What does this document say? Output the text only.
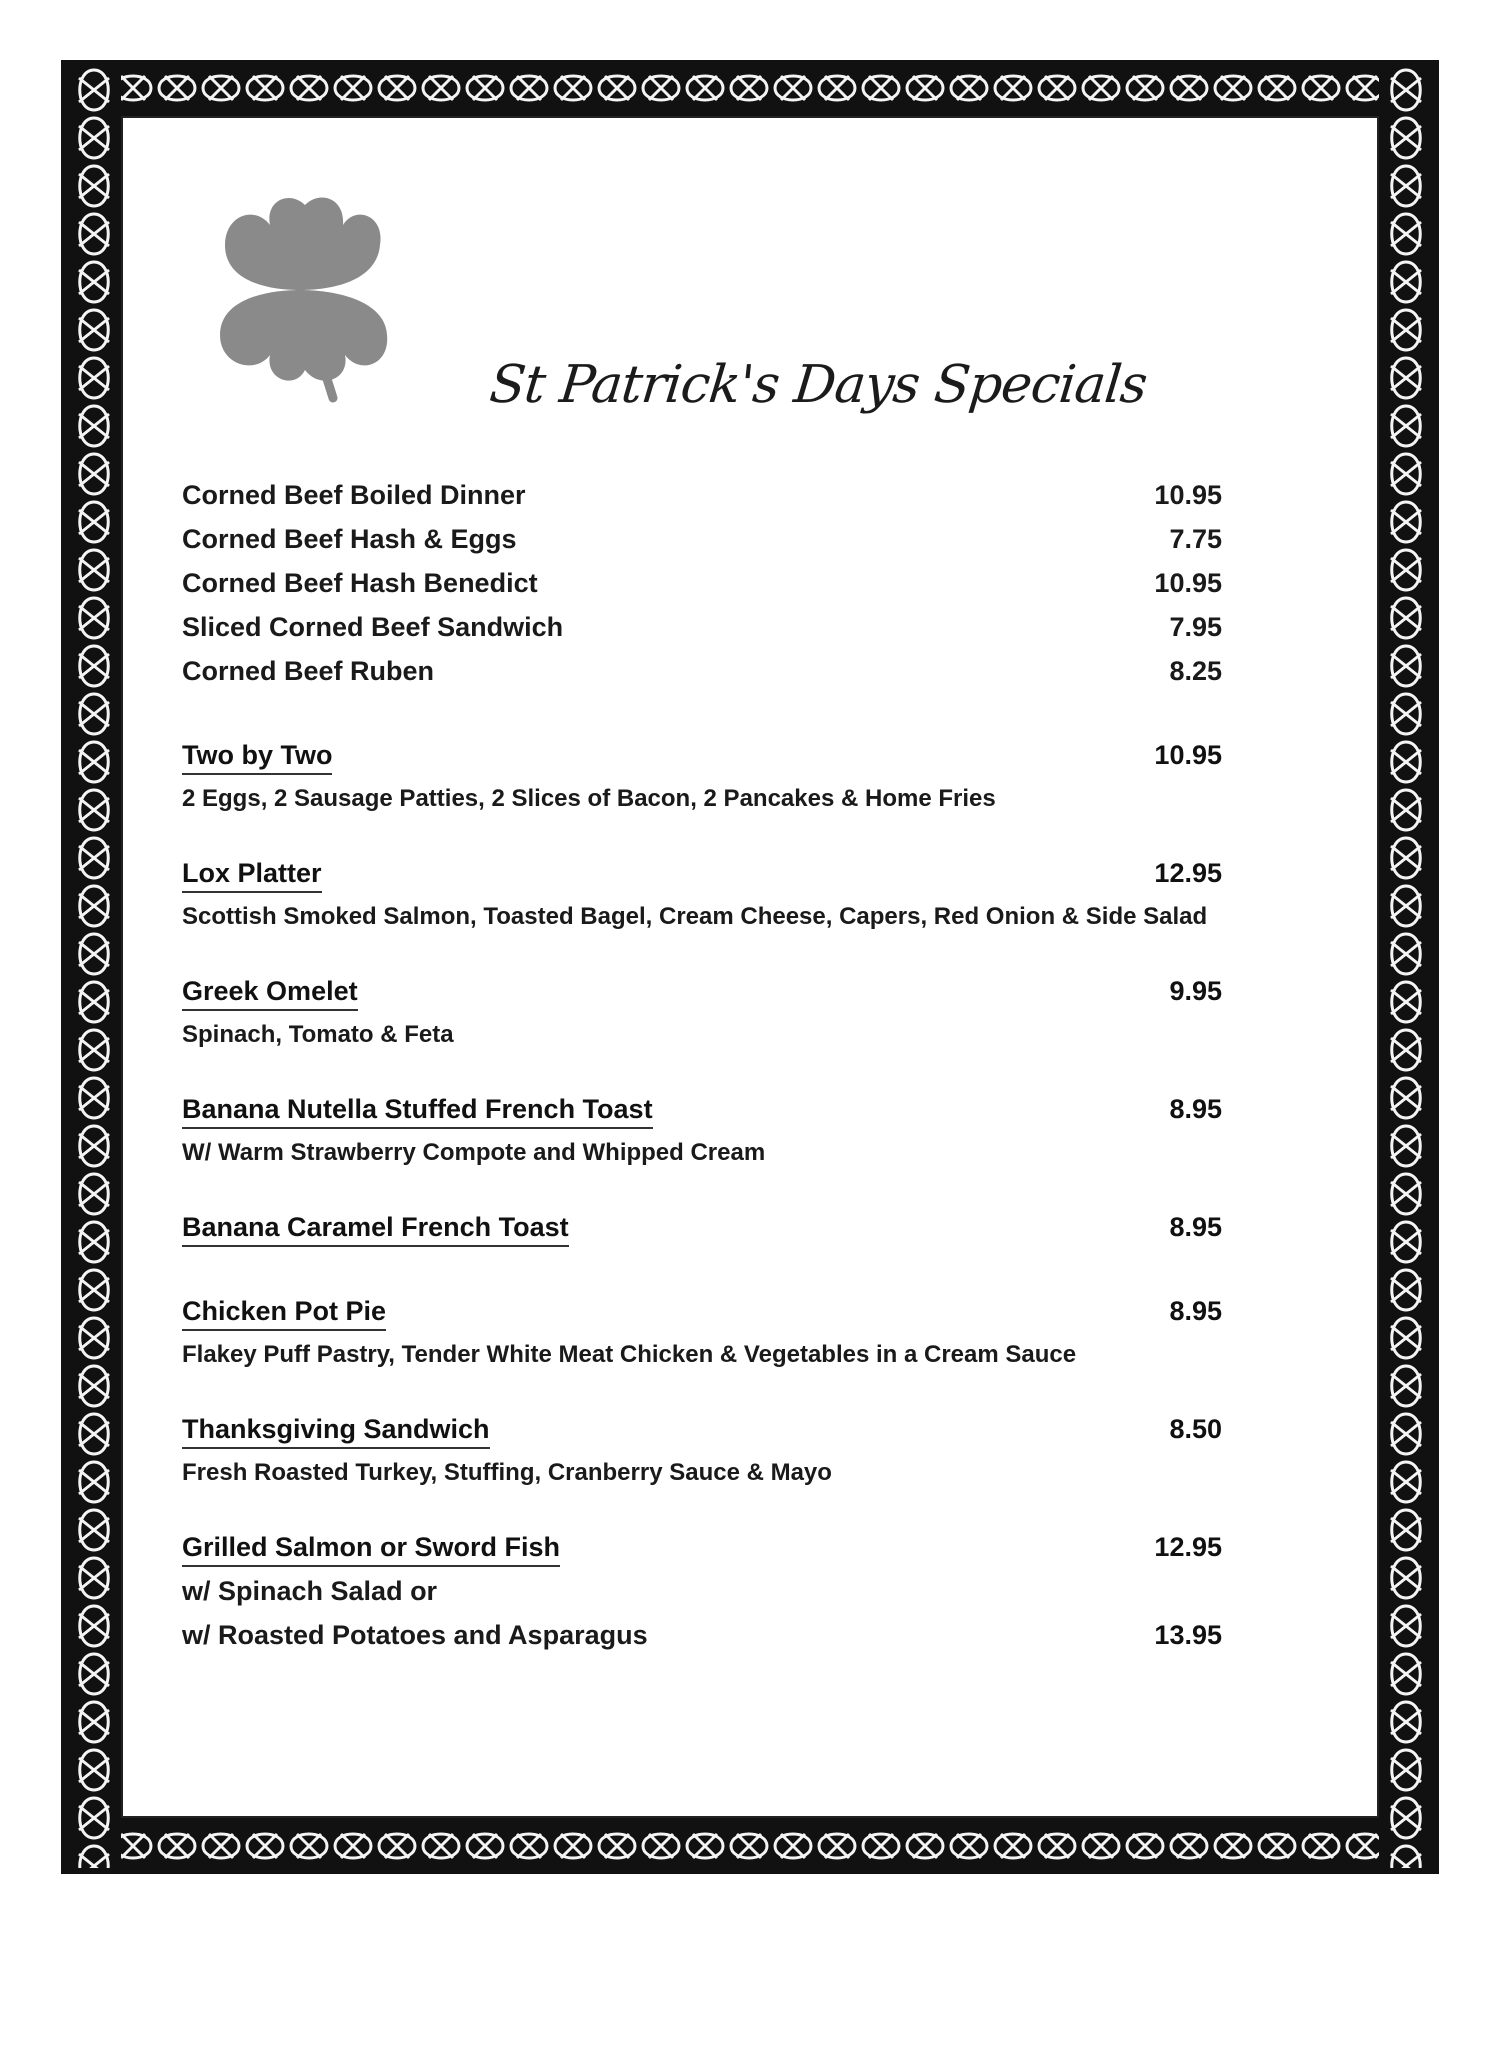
St Patrick's Days Specials
Corned Beef Boiled Dinner	10.95
Corned Beef Hash & Eggs	7.75
Corned Beef Hash Benedict	10.95
Sliced Corned Beef Sandwich	7.95
Corned Beef Ruben	8.25
Two by Two	10.95
2 Eggs, 2 Sausage Patties, 2 Slices of Bacon, 2 Pancakes & Home Fries
Lox Platter	12.95
Scottish Smoked Salmon, Toasted Bagel, Cream Cheese, Capers, Red Onion & Side Salad
Greek Omelet	9.95
Spinach, Tomato & Feta
Banana Nutella Stuffed French Toast	8.95
W/ Warm Strawberry Compote and Whipped Cream
Banana Caramel French Toast	8.95
Chicken Pot Pie	8.95
Flakey Puff Pastry, Tender White Meat Chicken & Vegetables in a Cream Sauce
Thanksgiving Sandwich	8.50
Fresh Roasted Turkey, Stuffing, Cranberry Sauce & Mayo
Grilled Salmon or Sword Fish	12.95
w/ Spinach Salad or
w/ Roasted Potatoes and Asparagus	13.95
